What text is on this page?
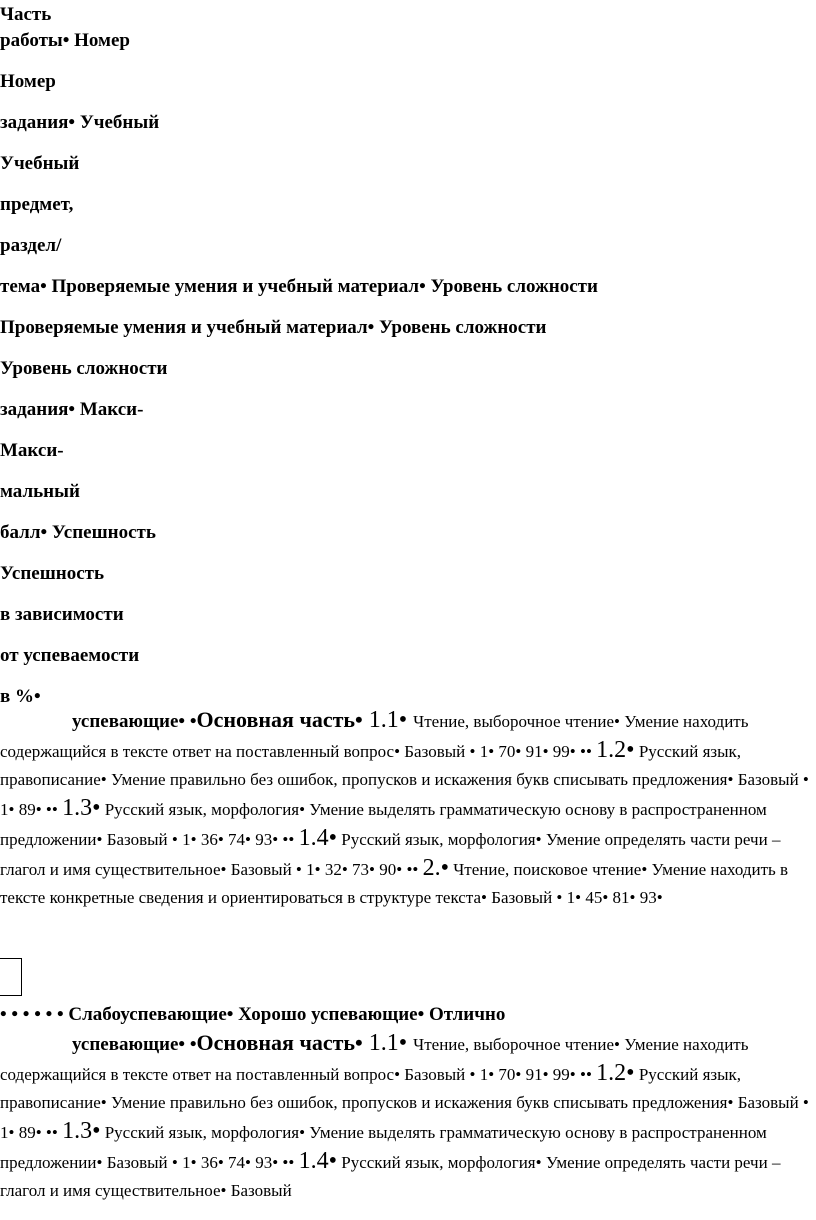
Часть

работы• Номер

Номер

задания• Учебный

Учебный

предмет,

раздел/

тема• Проверяемые умения и учебный материал• Уровень сложности

Проверяемые умения и учебный материал• Уровень сложности

Уровень сложности

задания• Макси-

Макси-

мальный

балл• Успешность

Успешность

в зависимости

от успеваемости

в %•

успевающие• •Основная часть• 1.1• Чтение, выборочное чтение• Умение находить содержащийся в тексте ответ на поставленный вопрос• Базовый • 1• 70• 91• 99• •• 1.2• Русский язык, правописание• Умение правильно без ошибок, пропусков и искажения букв списывать предложения• Базовый • 1• 89• •• 1.3• Русский язык, морфология• Умение выделять грамматическую основу в распространенном предложении• Базовый • 1• 36• 74• 93• •• 1.4• Русский язык, морфология• Умение определять части речи – глагол и имя существительное• Базовый • 1• 32• 73• 90• •• 2.• Чтение, поисковое чтение• Умение находить в тексте конкретные сведения и ориентироваться в структуре текста• Базовый • 1• 45• 81• 93•

• • • • • • Слабоуспевающие• Хорошо успевающие• Отлично
успевающие• •Основная часть• 1.1• Чтение, выборочное чтение• Умение находить содержащийся в тексте ответ на поставленный вопрос• Базовый • 1• 70• 91• 99• •• 1.2• Русский язык, правописание• Умение правильно без ошибок, пропусков и искажения букв списывать предложения• Базовый • 1• 89• •• 1.3• Русский язык, морфология• Умение выделять грамматическую основу в распространенном предложении• Базовый • 1• 36• 74• 93• •• 1.4• Русский язык, морфология• Умение определять части речи – глагол и имя существительное• Базовый
